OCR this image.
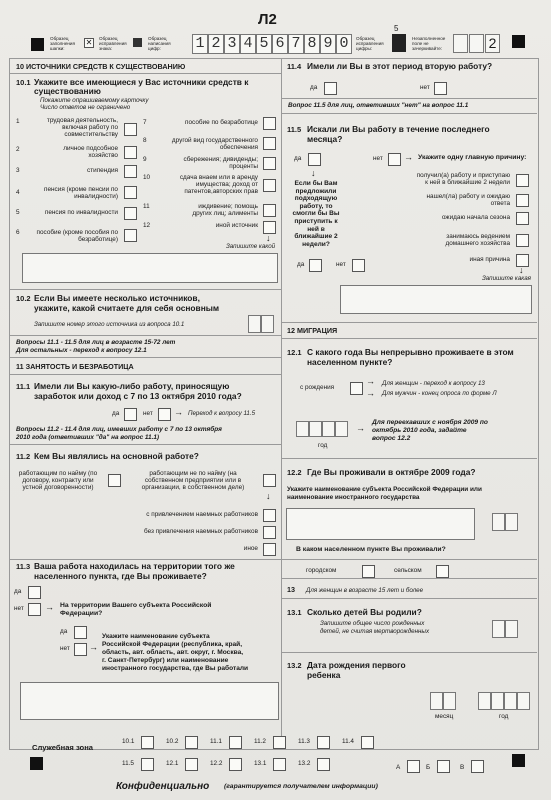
Л2
Образец заполнения шапки:
✕	Образец исправления знака:
Образец написания цифр:	1 2 3 4 5 6 7 8 9 0	Образец исправления цифры:
5
Незаполненное поле не зачеркивайте:	2
10 ИСТОЧНИКИ СРЕДСТВ К СУЩЕСТВОВАНИЮ
10.1 Укажите все имеющиеся у Вас источники средств к
существованию
Покажите опрашиваемому карточку
Число ответов не ограничено
1	трудовая деятельность,
включая работу по
совместительству
2	личное подсобное
хозяйство
3	стипендия
4	пенсия (кроме пенсии по
инвалидности)
5	пенсия по инвалидности
6	пособие (кроме пособия по
безработице)
7	пособие по безработице
8	другой вид государственного
обеспечения
9	сбережения; дивиденды;
проценты
10	сдача внаем или в аренду
имущества; доход от
патентов,авторских прав
11	иждивение; помощь
других лиц; алименты
12	иной источник
↓
Запишите какой
10.2 Если Вы имеете несколько источников,
укажите, какой считаете для себя основным
Запишите номер этого источника из вопроса 10.1
Вопросы 11.1 - 11.5 для лиц в возрасте 15-72 лет
Для остальных - переход к вопросу 12.1
11 ЗАНЯТОСТЬ И БЕЗРАБОТИЦА
11.1 Имели ли Вы какую-либо работу, приносящую
заработок или доход с 7 по 13 октября 2010 года?
да	нет → Переход к вопросу 11.5
Вопросы 11.2 - 11.4 для лиц, имевших работу с 7 по 13 октября
2010 года (ответивших "да" на вопрос 11.1)
11.2 Кем Вы являлись на основной работе?
работающим по найму (по
договору, контракту или
устной договоренности)
работающим не по найму (на
собственном предприятии или в
организации, в собственном деле)
↓
с привлечением наемных работников
без привлечения наемных работников
иное
11.3 Ваша работа находилась на территории того же
населенного пункта, где Вы проживаете?
да
нет → На территории Вашего субъекта Российской
Федерации?
да
нет →
Укажите наименование субъекта
Российской Федерации (республика, край,
область, авт. область, авт. округ, г. Москва,
г. Санкт-Петербург) или наименование
иностранного государства, где Вы работали
11.4 Имели ли Вы в этот период вторую работу?
да	нет
Вопрос 11.5 для лиц, ответивших "нет" на вопрос 11.1
11.5 Искали ли Вы работу в течение последнего
месяца?
да	нет → Укажите одну главную причину:
↓
Если бы Вам
предложили
подходящую
работу, то
смогли бы Вы
приступить к
ней в
ближайшие 2
недели?
да	нет
получил(а) работу и приступаю
к ней в ближайшие 2 недели
нашел(ла) работу и ожидаю
ответа
ожидаю начала сезона
занимаюсь ведением
домашнего хозяйства
иная причина
↓
Запишите какая
12 МИГРАЦИЯ
12.1 С какого года Вы непрерывно проживаете в этом
населенном пункте?
с рождения
→
→
Для женщин - переход к вопросу 13
Для мужчин - конец опроса по форме Л
год
→
Для переехавших с ноября 2009 по
октябрь 2010 года, задайте
вопрос 12.2
12.2 Где Вы проживали в октябре 2009 года?
Укажите наименование субъекта Российской Федерации или
наименование иностранного государства
В каком населенном пункте Вы проживали?
городском	сельском
13 Для женщин в возрасте 15 лет и более
13.1 Сколько детей Вы родили?
Запишите общее число рожденных
детей, не считая мертворожденных
13.2 Дата рождения первого
ребенка
месяц	год
Служебная зона
10.1	10.2	11.1	11.2	11.3	11.4
11.5	12.1	12.2	13.1	13.2
А	Б	В
Конфиденциально (гарантируется получателем информации)
